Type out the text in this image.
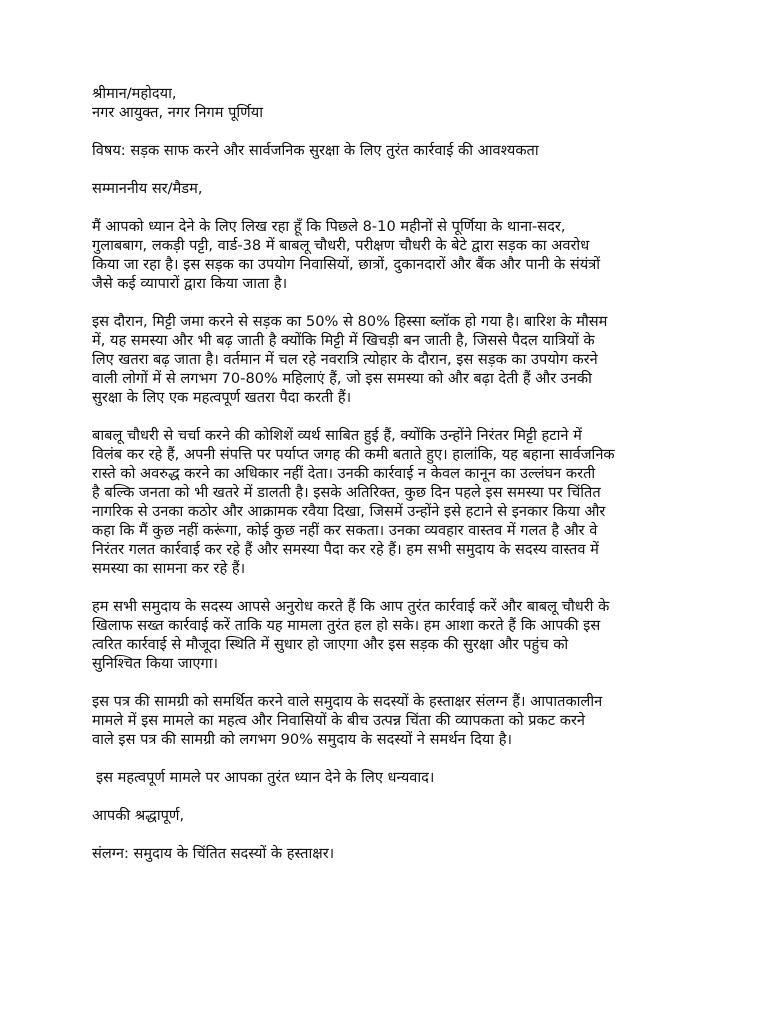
श्रीमान/महोदया,
नगर आयुक्त, नगर निगम पूर्णिया
विषय: सड़क साफ करने और सार्वजनिक सुरक्षा के लिए तुरंत कार्रवाई की आवश्यकता
सम्माननीय सर/मैडम,
मैं आपको ध्यान देने के लिए लिख रहा हूँ कि पिछले 8-10 महीनों से पूर्णिया के थाना-सदर,
गुलाबबाग, लकड़ी पट्टी, वार्ड-38 में बाबलू चौधरी, परीक्षण चौधरी के बेटे द्वारा सड़क का अवरोध
किया जा रहा है। इस सड़क का उपयोग निवासियों, छात्रों, दुकानदारों और बैंक और पानी के संयंत्रों
जैसे कई व्यापारों द्वारा किया जाता है।
इस दौरान, मिट्टी जमा करने से सड़क का 50% से 80% हिस्सा ब्लॉक हो गया है। बारिश के मौसम
में, यह समस्या और भी बढ़ जाती है क्योंकि मिट्टी में खिचड़ी बन जाती है, जिससे पैदल यात्रियों के
लिए खतरा बढ़ जाता है। वर्तमान में चल रहे नवरात्रि त्योहार के दौरान, इस सड़क का उपयोग करने
वाली लोगों में से लगभग 70-80% महिलाएं हैं, जो इस समस्या को और बढ़ा देती हैं और उनकी
सुरक्षा के लिए एक महत्वपूर्ण खतरा पैदा करती हैं।
बाबलू चौधरी से चर्चा करने की कोशिशें व्यर्थ साबित हुई हैं, क्योंकि उन्होंने निरंतर मिट्टी हटाने में
विलंब कर रहे हैं, अपनी संपत्ति पर पर्याप्त जगह की कमी बताते हुए। हालांकि, यह बहाना सार्वजनिक
रास्ते को अवरुद्ध करने का अधिकार नहीं देता। उनकी कार्रवाई न केवल कानून का उल्लंघन करती
है बल्कि जनता को भी खतरे में डालती है। इसके अतिरिक्त, कुछ दिन पहले इस समस्या पर चिंतित
नागरिक से उनका कठोर और आक्रामक रवैया दिखा, जिसमें उन्होंने इसे हटाने से इनकार किया और
कहा कि मैं कुछ नहीं करूंगा, कोई कुछ नहीं कर सकता। उनका व्यवहार वास्तव में गलत है और वे
निरंतर गलत कार्रवाई कर रहे हैं और समस्या पैदा कर रहे हैं। हम सभी समुदाय के सदस्य वास्तव में
समस्या का सामना कर रहे हैं।
हम सभी समुदाय के सदस्य आपसे अनुरोध करते हैं कि आप तुरंत कार्रवाई करें और बाबलू चौधरी के
खिलाफ सख्त कार्रवाई करें ताकि यह मामला तुरंत हल हो सके। हम आशा करते हैं कि आपकी इस
त्वरित कार्रवाई से मौजूदा स्थिति में सुधार हो जाएगा और इस सड़क की सुरक्षा और पहुंच को
सुनिश्चित किया जाएगा।
इस पत्र की सामग्री को समर्थित करने वाले समुदाय के सदस्यों के हस्ताक्षर संलग्न हैं। आपातकालीन
मामले में इस मामले का महत्व और निवासियों के बीच उत्पन्न चिंता की व्यापकता को प्रकट करने
वाले इस पत्र की सामग्री को लगभग 90% समुदाय के सदस्यों ने समर्थन दिया है।
इस महत्वपूर्ण मामले पर आपका तुरंत ध्यान देने के लिए धन्यवाद।
आपकी श्रद्धापूर्ण,
संलग्न: समुदाय के चिंतित सदस्यों के हस्ताक्षर।
